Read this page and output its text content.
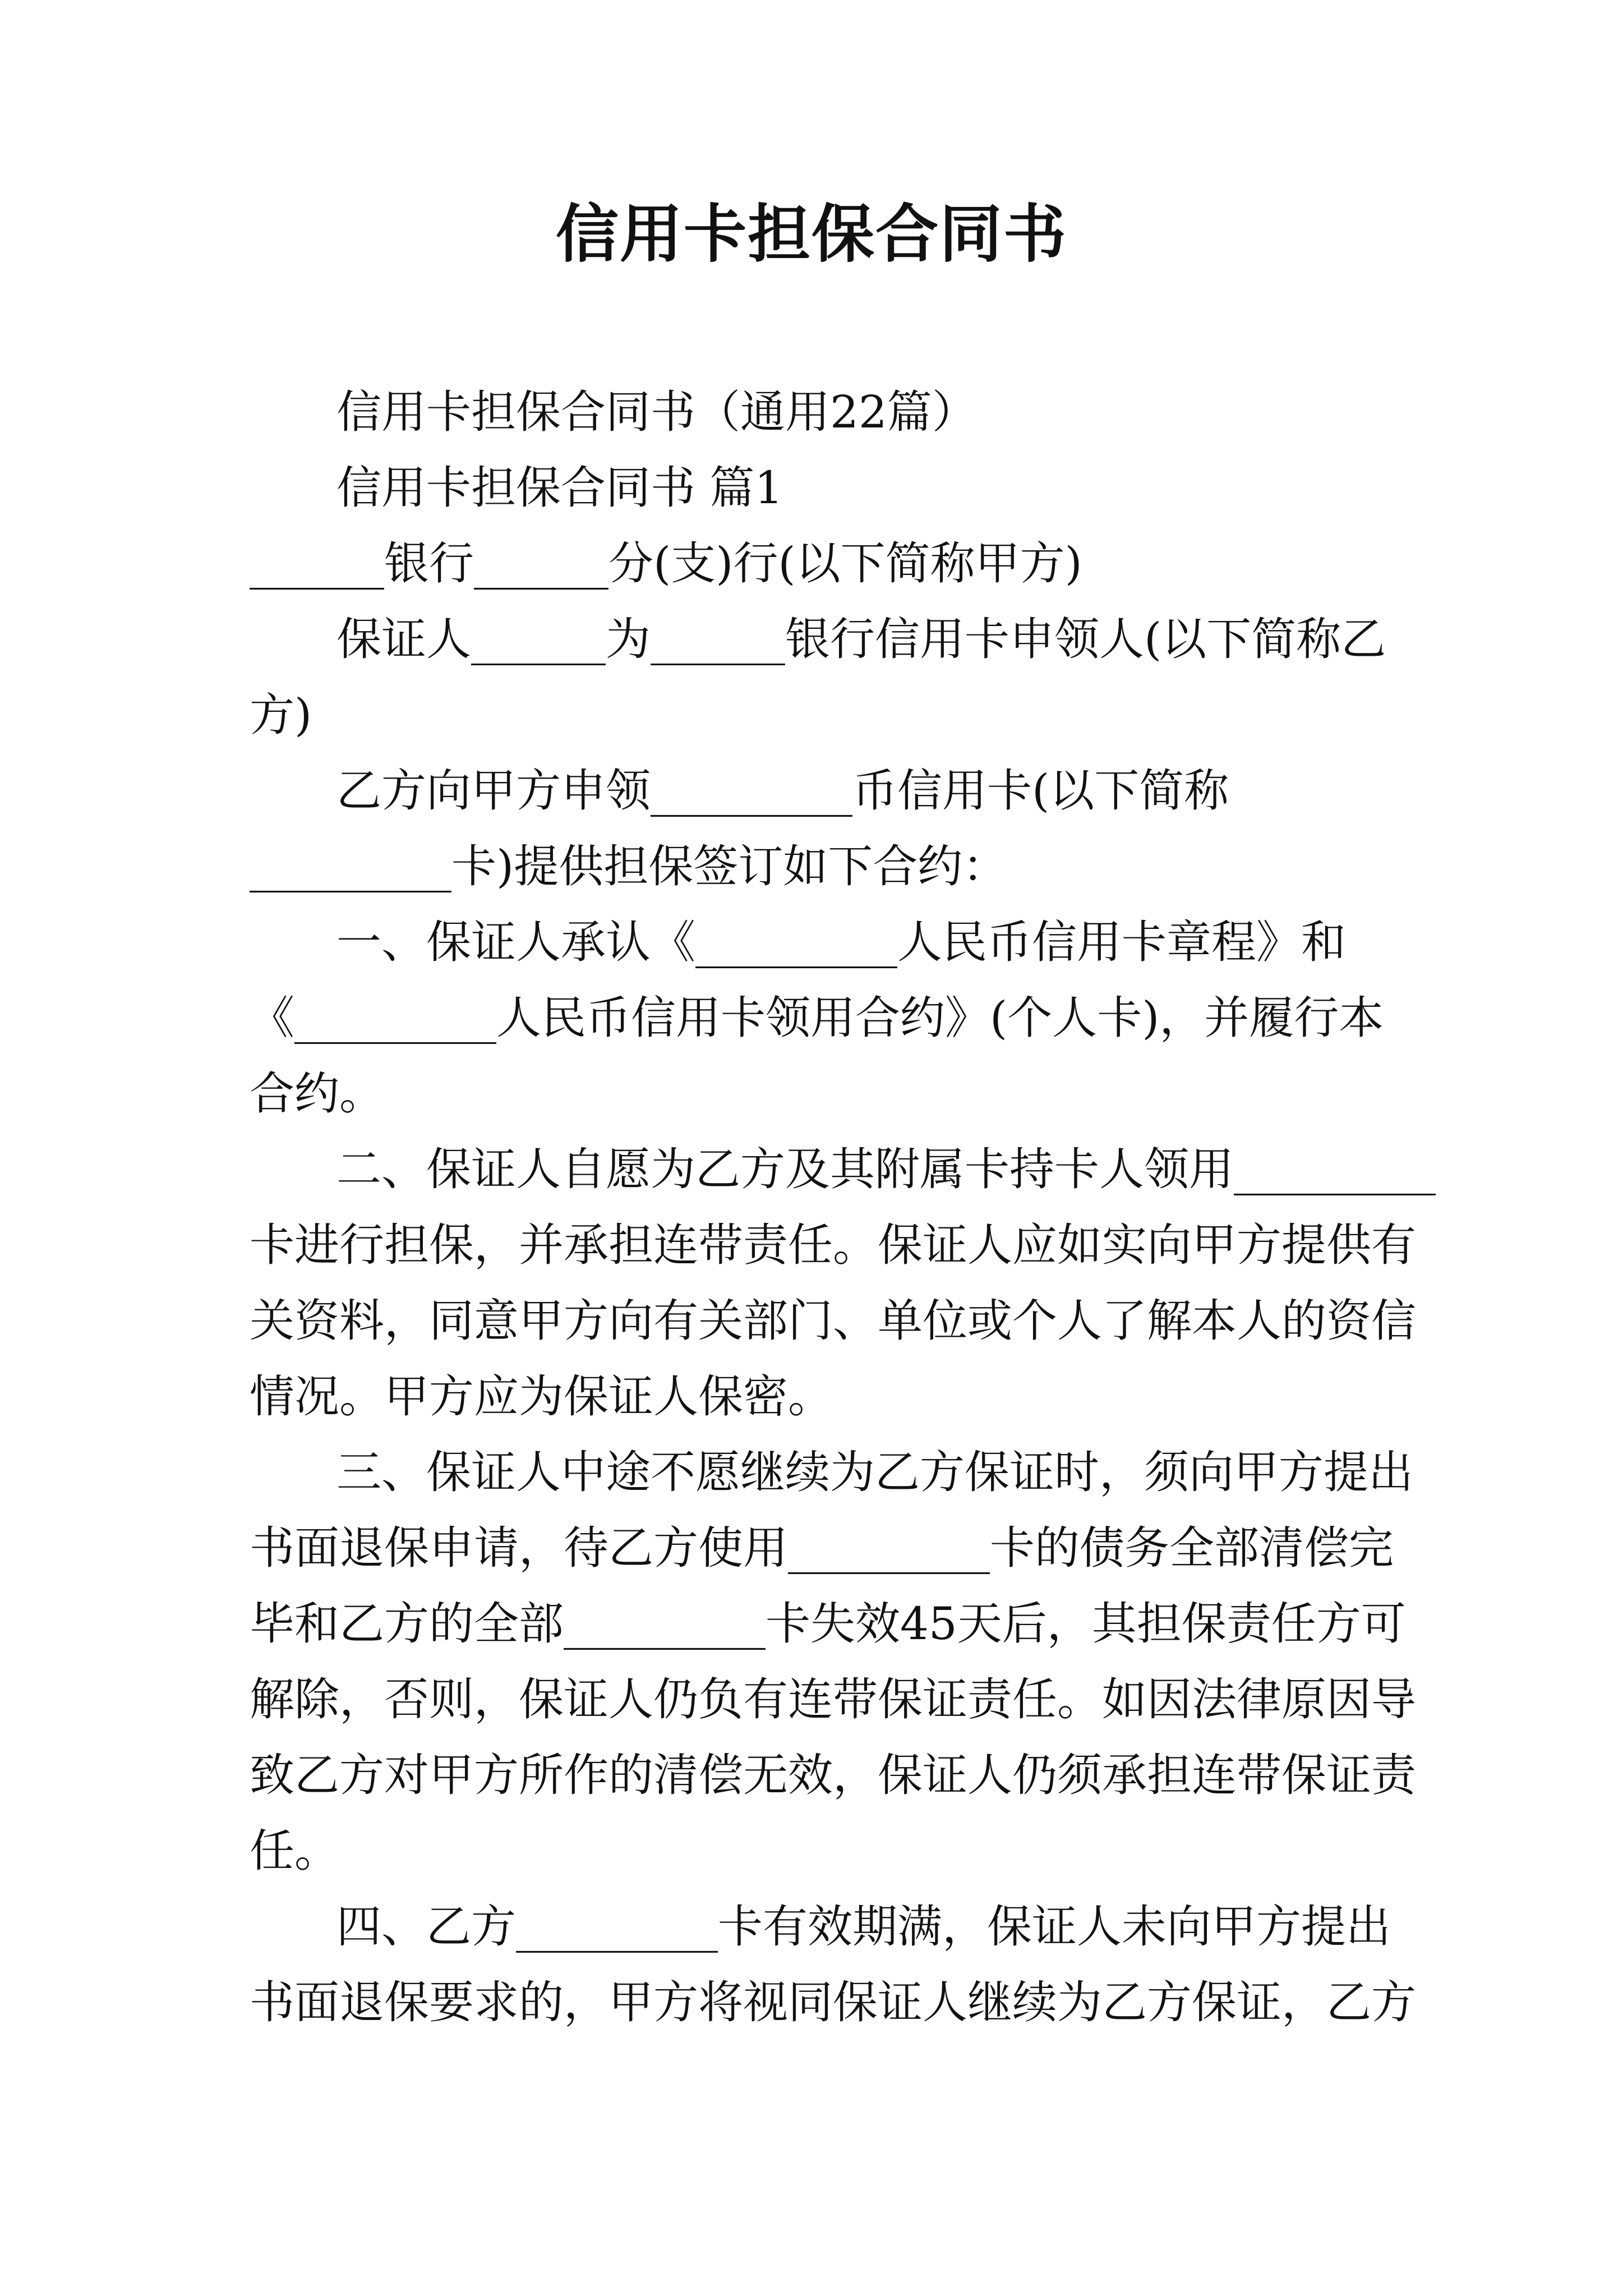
信用卡担保合同书
信用卡担保合同书（通用22篇）
信用卡担保合同书 篇1
______银行______分(支)行(以下简称甲方)
保证人______为______银行信用卡申领人(以下简称乙
方)
乙方向甲方申领_________币信用卡(以下简称
_________卡)提供担保签订如下合约：
一、保证人承认《_________人民币信用卡章程》和
《_________人民币信用卡领用合约》(个人卡)，并履行本
合约。
二、保证人自愿为乙方及其附属卡持卡人领用_________
卡进行担保，并承担连带责任。保证人应如实向甲方提供有
关资料，同意甲方向有关部门、单位或个人了解本人的资信
情况。甲方应为保证人保密。
三、保证人中途不愿继续为乙方保证时，须向甲方提出
书面退保申请，待乙方使用_________卡的债务全部清偿完
毕和乙方的全部_________卡失效45天后，其担保责任方可
解除，否则，保证人仍负有连带保证责任。如因法律原因导
致乙方对甲方所作的清偿无效，保证人仍须承担连带保证责
任。
四、乙方_________卡有效期满，保证人未向甲方提出
书面退保要求的，甲方将视同保证人继续为乙方保证，乙方
